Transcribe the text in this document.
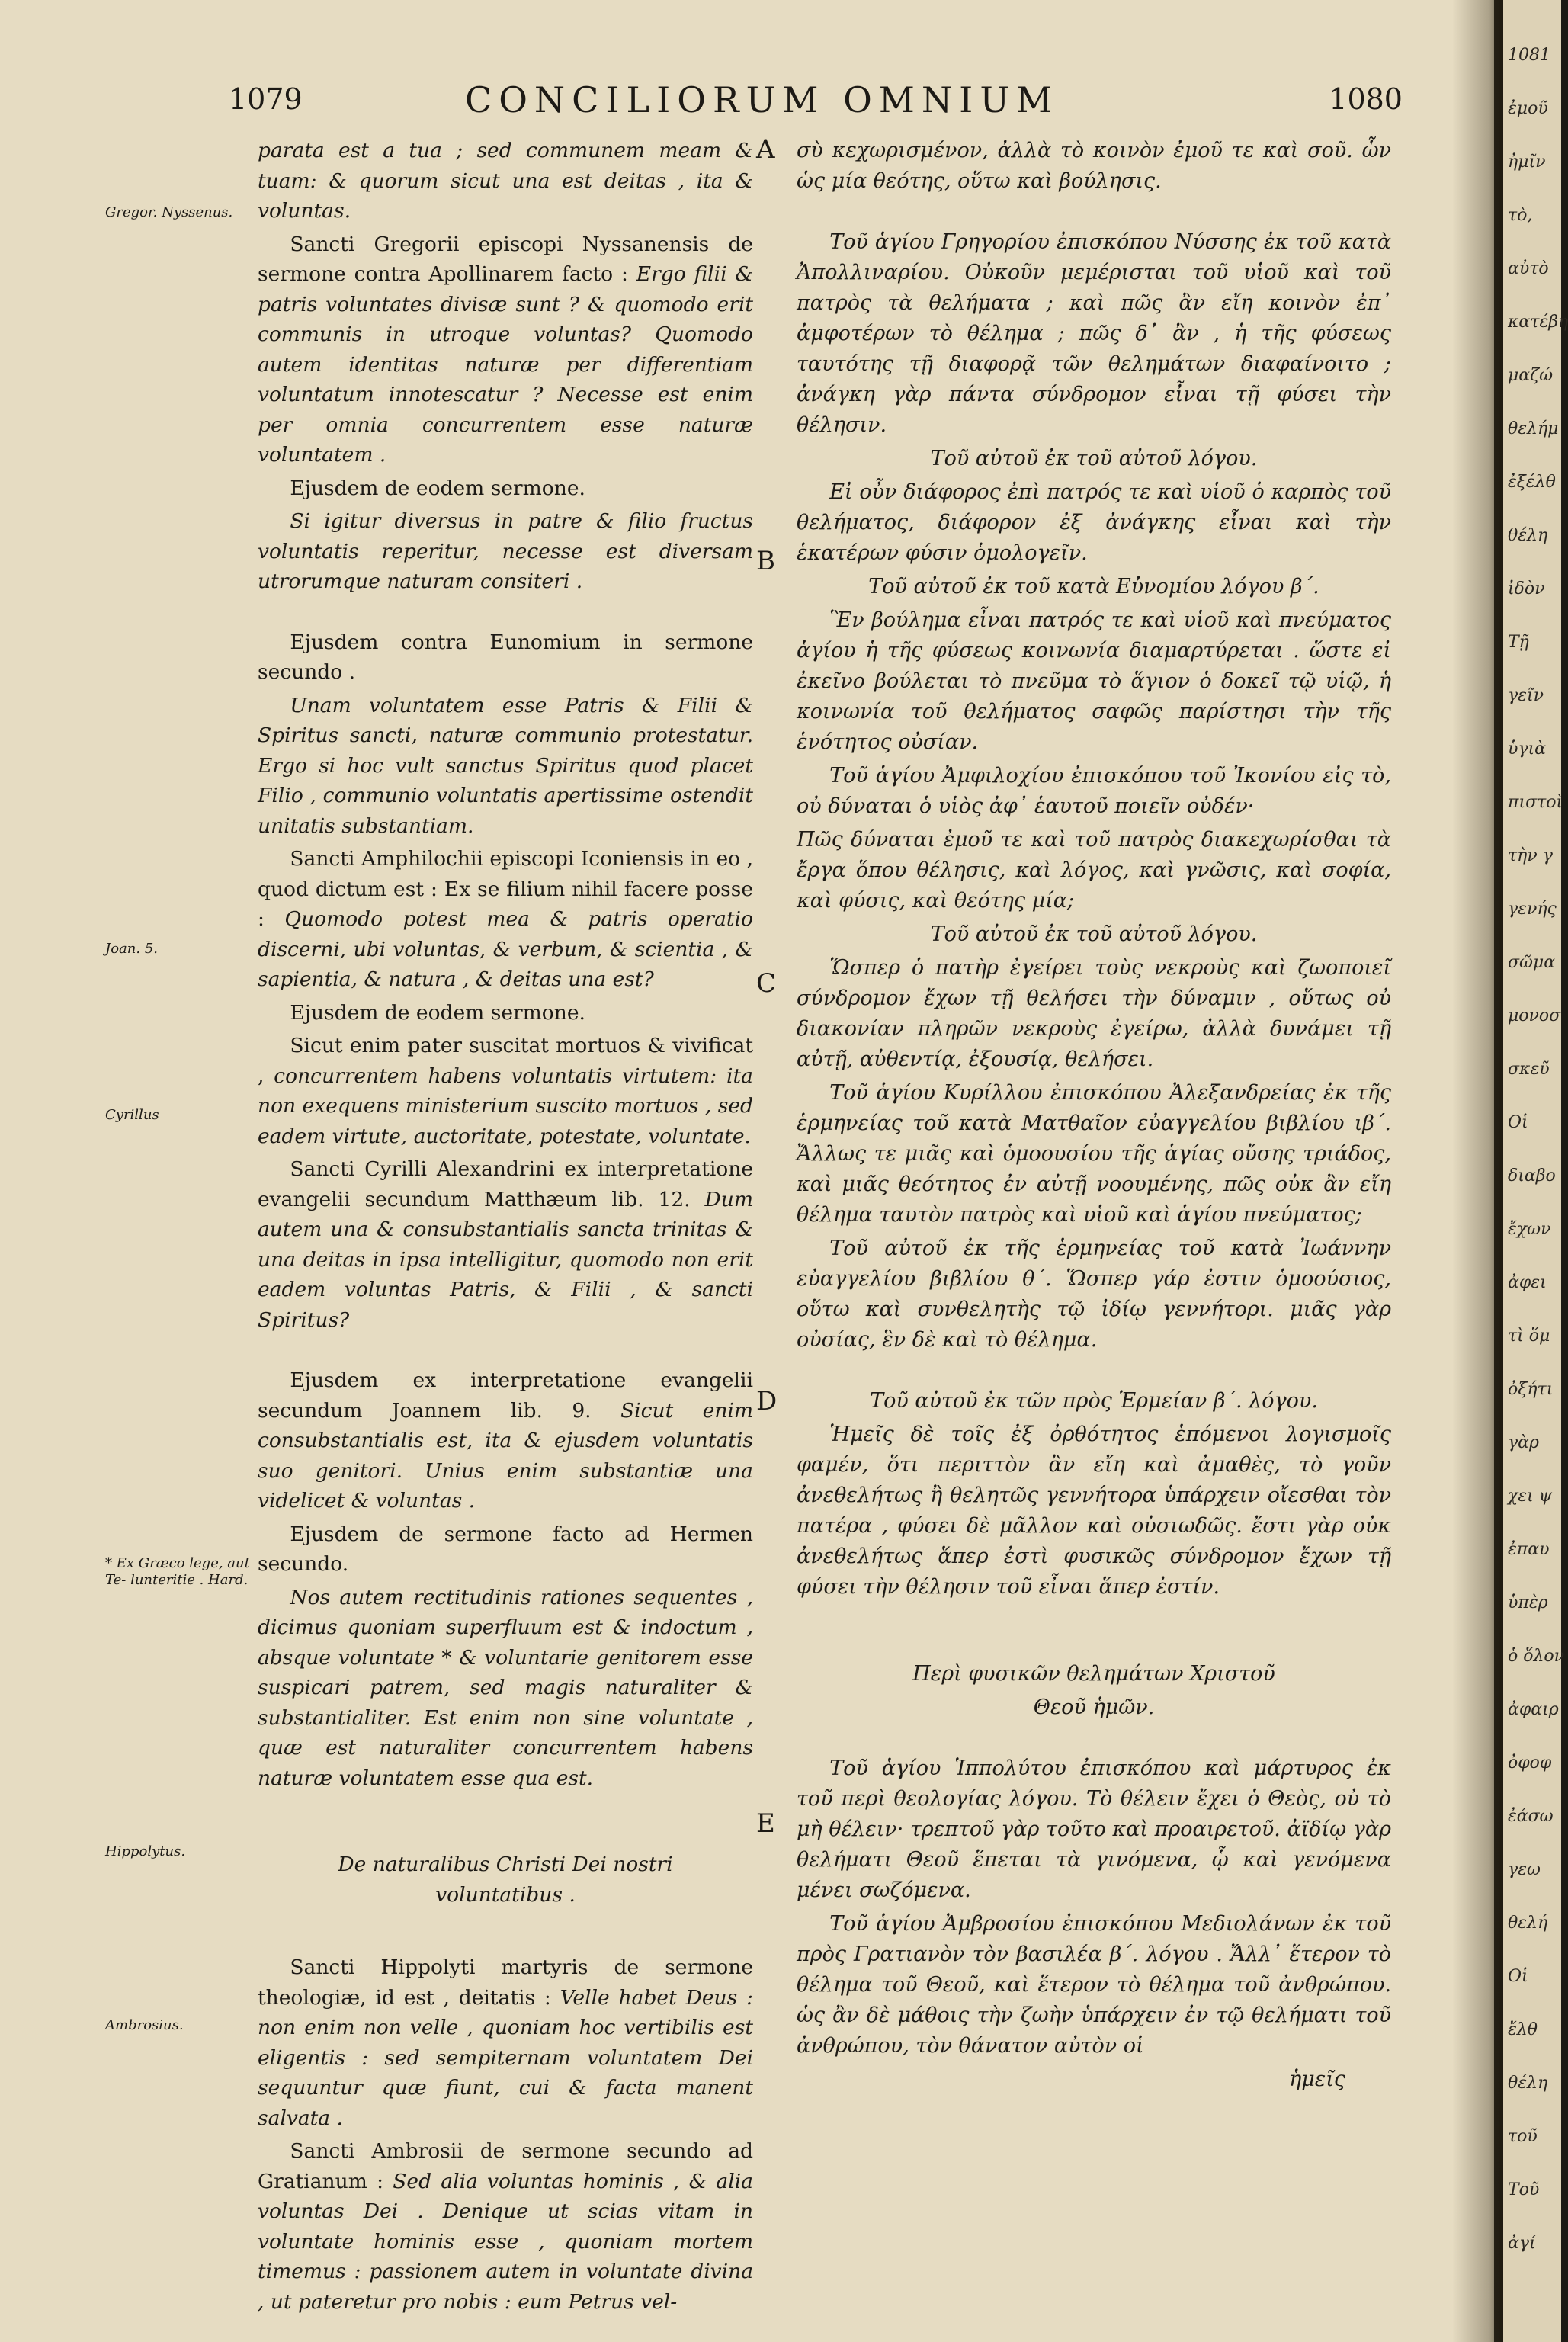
1079	CONCILIORUM OMNIUM	1080
Gregor. Nyssenus.
Joan. 5.
Cyrillus
* Ex Græco lege, aut Te- lunteritie . Hard.
Hippolytus.
Ambrosius.
A
B
C
D
E

parata est a tua ; sed communem meam & tuam: & quorum sicut una est deitas , ita & voluntas.

Sancti Gregorii episcopi Nyssanensis de sermone contra Apollinarem facto : Ergo filii & patris voluntates divisæ sunt ? & quomodo erit communis in utroque voluntas? Quomodo autem identitas naturæ per differentiam voluntatum innotescatur ? Necesse est enim per omnia concurrentem esse naturæ voluntatem .

Ejusdem de eodem sermone.

Si igitur diversus in patre & filio fructus voluntatis reperitur, necesse est diversam utrorumque naturam consiteri .

Ejusdem contra Eunomium in sermone secundo .

Unam voluntatem esse Patris & Filii & Spiritus sancti, naturæ communio protestatur. Ergo si hoc vult sanctus Spiritus quod placet Filio , communio voluntatis apertissime ostendit unitatis substantiam.

Sancti Amphilochii episcopi Iconiensis in eo , quod dictum est : Ex se filium nihil facere posse : Quomodo potest mea & patris operatio discerni, ubi voluntas, & verbum, & scientia , & sapientia, & natura , & deitas una est?

Ejusdem de eodem sermone.

Sicut enim pater suscitat mortuos & vivificat , concurrentem habens voluntatis virtutem: ita non exequens ministerium suscito mortuos , sed eadem virtute, auctoritate, potestate, voluntate.

Sancti Cyrilli Alexandrini ex interpretatione evangelii secundum Matthæum lib. 12. Dum autem una & consubstantialis sancta trinitas & una deitas in ipsa intelligitur, quomodo non erit eadem voluntas Patris, & Filii , & sancti Spiritus?

Ejusdem ex interpretatione evangelii secundum Joannem lib. 9. Sicut enim consubstantialis est, ita & ejusdem voluntatis suo genitori. Unius enim substantiæ una videlicet & voluntas .

Ejusdem de sermone facto ad Hermen secundo.

Nos autem rectitudinis rationes sequentes , dicimus quoniam superfluum est & indoctum , absque voluntate * & voluntarie genitorem esse suspicari patrem, sed magis naturaliter & substantialiter. Est enim non sine voluntate , quæ est naturaliter concurrentem habens naturæ voluntatem esse qua est.

De naturalibus Christi Dei nostri voluntatibus .

Sancti Hippolyti martyris de sermone theologiæ, id est , deitatis : Velle habet Deus : non enim non velle , quoniam hoc vertibilis est eligentis : sed sempiternam voluntatem Dei sequuntur quæ fiunt, cui & facta manent salvata .

Sancti Ambrosii de sermone secundo ad Gratianum : Sed alia voluntas hominis , & alia voluntas Dei . Denique ut scias vitam in voluntate hominis esse , quoniam mortem timemus : passionem autem in voluntate divina , ut pateretur pro nobis : eum Petrus vel-

σὺ κεχωρισμένον, ἀλλὰ τὸ κοινὸν ἐμοῦ τε καὶ σοῦ. ὧν ὡς μία θεότης, οὕτω καὶ βούλησις.

Τοῦ ἁγίου Γρηγορίου ἐπισκόπου Νύσσης ἐκ τοῦ κατὰ Ἀπολλιναρίου. Οὐκοῦν μεμέρισται τοῦ υἱοῦ καὶ τοῦ πατρὸς τὰ θελήματα ; καὶ πῶς ἂν εἴη κοινὸν ἐπ᾽ ἀμφοτέρων τὸ θέλημα ; πῶς δ᾽ ἂν , ἡ τῆς φύσεως ταυτότης τῇ διαφορᾷ τῶν θελημάτων διαφαίνοιτο ; ἀνάγκη γὰρ πάντα σύνδρομον εἶναι τῇ φύσει τὴν θέλησιν.

Τοῦ αὐτοῦ ἐκ τοῦ αὐτοῦ λόγου.

Εἰ οὖν διάφορος ἐπὶ πατρός τε καὶ υἱοῦ ὁ καρπὸς τοῦ θελήματος, διάφορον ἐξ ἀνάγκης εἶναι καὶ τὴν ἑκατέρων φύσιν ὁμολογεῖν.

Τοῦ αὐτοῦ ἐκ τοῦ κατὰ Εὐνομίου λόγου β΄.

Ἓν βούλημα εἶναι πατρός τε καὶ υἱοῦ καὶ πνεύματος ἁγίου ἡ τῆς φύσεως κοινωνία διαμαρτύρεται . ὥστε εἰ ἐκεῖνο βούλεται τὸ πνεῦμα τὸ ἅγιον ὁ δοκεῖ τῷ υἱῷ, ἡ κοινωνία τοῦ θελήματος σαφῶς παρίστησι τὴν τῆς ἑνότητος οὐσίαν.

Τοῦ ἁγίου Ἀμφιλοχίου ἐπισκόπου τοῦ Ἰκονίου εἰς τὸ, οὐ δύναται ὁ υἱὸς ἀφ᾽ ἑαυτοῦ ποιεῖν οὐδέν·

Πῶς δύναται ἐμοῦ τε καὶ τοῦ πατρὸς διακεχωρίσθαι τὰ ἔργα ὅπου θέλησις, καὶ λόγος, καὶ γνῶσις, καὶ σοφία, καὶ φύσις, καὶ θεότης μία;

Τοῦ αὐτοῦ ἐκ τοῦ αὐτοῦ λόγου.

Ὥσπερ ὁ πατὴρ ἐγείρει τοὺς νεκροὺς καὶ ζωοποιεῖ σύνδρομον ἔχων τῇ θελήσει τὴν δύναμιν , οὕτως οὐ διακονίαν πληρῶν νεκροὺς ἐγείρω, ἀλλὰ δυνάμει τῇ αὐτῇ, αὐθεντίᾳ, ἐξουσίᾳ, θελήσει.

Τοῦ ἁγίου Κυρίλλου ἐπισκόπου Ἀλεξανδρείας ἐκ τῆς ἑρμηνείας τοῦ κατὰ Ματθαῖον εὐαγγελίου βιβλίου ιβ΄. Ἄλλως τε μιᾶς καὶ ὁμοουσίου τῆς ἁγίας οὔσης τριάδος, καὶ μιᾶς θεότητος ἐν αὐτῇ νοουμένης, πῶς οὐκ ἂν εἴη θέλημα ταυτὸν πατρὸς καὶ υἱοῦ καὶ ἁγίου πνεύματος;

Τοῦ αὐτοῦ ἐκ τῆς ἑρμηνείας τοῦ κατὰ Ἰωάννην εὐαγγελίου βιβλίου θ΄. Ὥσπερ γάρ ἐστιν ὁμοούσιος, οὕτω καὶ συνθελητὴς τῷ ἰδίῳ γεννήτορι. μιᾶς γὰρ οὐσίας, ἓν δὲ καὶ τὸ θέλημα.

Τοῦ αὐτοῦ ἐκ τῶν πρὸς Ἑρμείαν β΄. λόγου.

Ἡμεῖς δὲ τοῖς ἐξ ὀρθότητος ἑπόμενοι λογισμοῖς φαμέν, ὅτι περιττὸν ἂν εἴη καὶ ἀμαθὲς, τὸ γοῦν ἀνεθελήτως ἢ θελητῶς γεννήτορα ὑπάρχειν οἴεσθαι τὸν πατέρα , φύσει δὲ μᾶλλον καὶ οὐσιωδῶς. ἔστι γὰρ οὐκ ἀνεθελήτως ἅπερ ἐστὶ φυσικῶς σύνδρομον ἔχων τῇ φύσει τὴν θέλησιν τοῦ εἶναι ἅπερ ἐστίν.

Περὶ φυσικῶν θελημάτων Χριστοῦ

Θεοῦ ἡμῶν.

Τοῦ ἁγίου Ἱππολύτου ἐπισκόπου καὶ μάρτυρος ἐκ τοῦ περὶ θεολογίας λόγου. Τὸ θέλειν ἔχει ὁ Θεὸς, οὐ τὸ μὴ θέλειν· τρεπτοῦ γὰρ τοῦτο καὶ προαιρετοῦ. ἀϊδίῳ γὰρ θελήματι Θεοῦ ἕπεται τὰ γινόμενα, ᾧ καὶ γενόμενα μένει σωζόμενα.

Τοῦ ἁγίου Ἀμβροσίου ἐπισκόπου Μεδιολάνων ἐκ τοῦ πρὸς Γρατιανὸν τὸν βασιλέα β΄. λόγου . Ἄλλ᾽ ἕτερον τὸ θέλημα τοῦ Θεοῦ, καὶ ἕτερον τὸ θέλημα τοῦ ἀνθρώπου. ὡς ἂν δὲ μάθοις τὴν ζωὴν ὑπάρχειν ἐν τῷ θελήματι τοῦ ἀνθρώπου, τὸν θάνατον αὐτὸν οἱ

ἡμεῖς

1081
ἐμοῦ
ἠμῖν
τὸ,
αὐτὸ
κατέβη
μαζώ
θελήμ
ἐξέλθ
θέλη
ἰδὸν
Τῇ
γεῖν
ὑγιὰ
πιστοὶ
τὴν γ
γενής
σῶμα
μονοσ
σκεῦ
Οἱ
διαβο
ἔχων
ἀφει
τὶ ὅμ
ὀξήτι
γὰρ
χει ψ
ἐπαυ
ὑπὲρ
ὁ ὅλον
ἀφαιρ
ὀφοφ
ἐάσω
γεω
θελή
Οἱ
ἔλθ
θέλη
τοῦ
Τοῦ
ἀγί
